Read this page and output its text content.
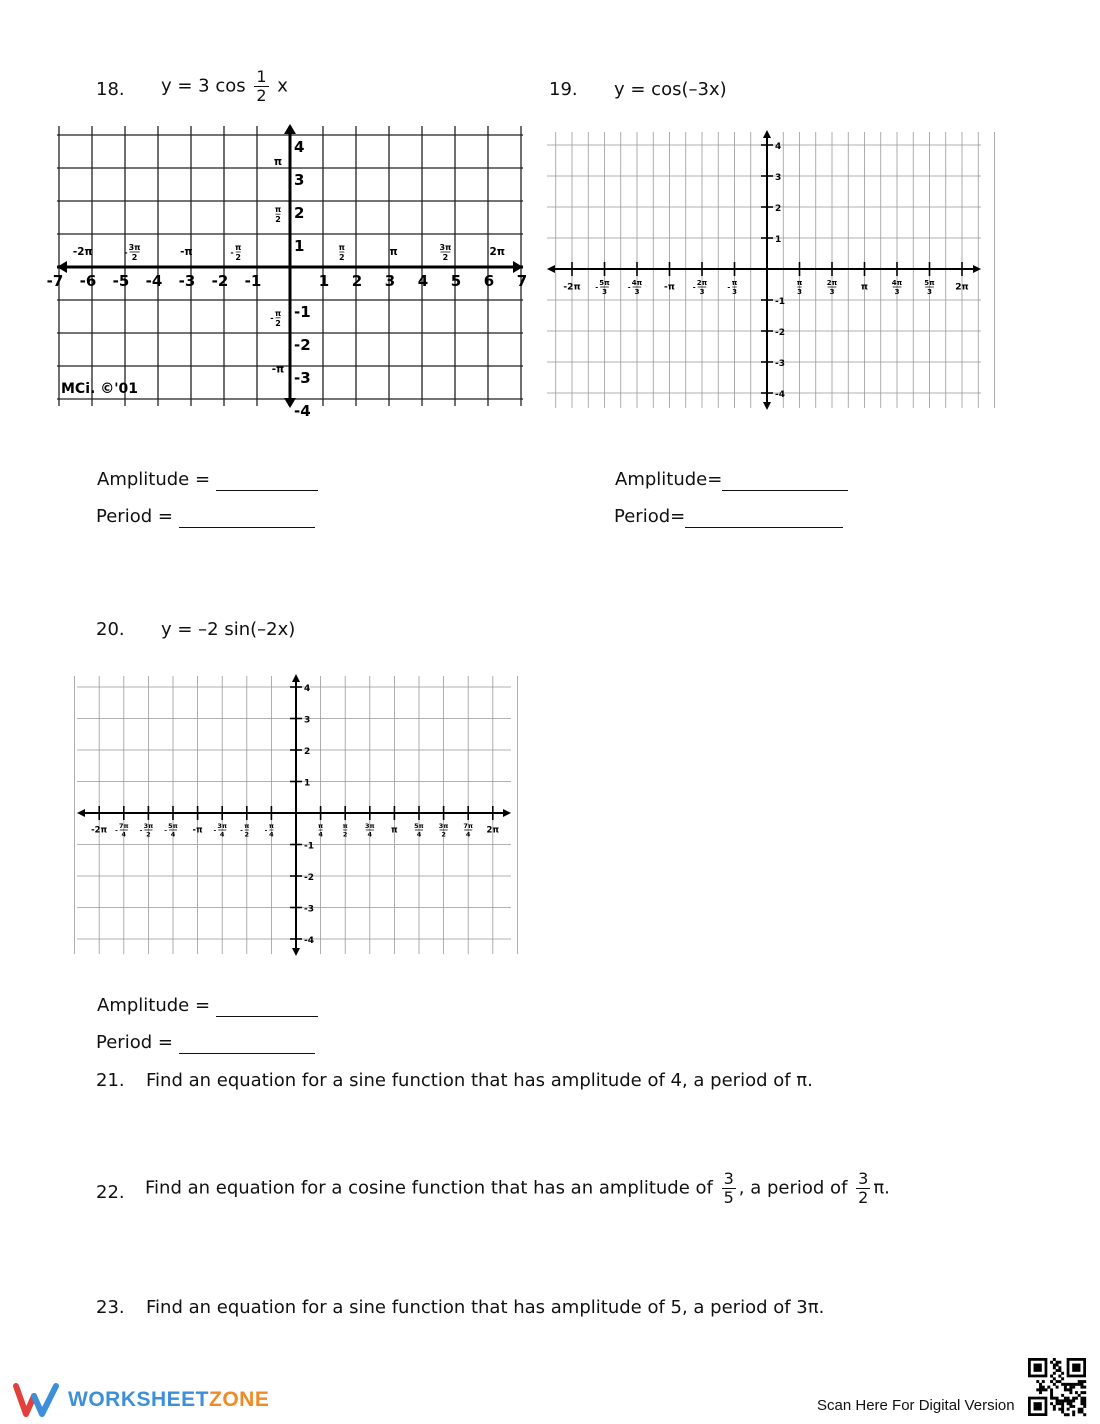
18. y = 3 $\cos \frac{1}{2}$ x	19. y = cos(–3x)
-7 -6 -5 -4 -3 -2 -1	1 2 3 4 5 6 7
4
3
2
1
-1
-2
-3
-4
-2π	3π
2
-	-π	π
2
-
π
2	π	3π
2	2π
π
π
2
π
2
-
-π
MCi. ©'01
-2π	5π
3
-
4π
3
-	-π	2π
3
-
π
3
-
π
3
2π
3	π	4π
3
5π
3	2π
4
3
2
1
-1
-2
-3
-4
Amplitude =
Period =
Amplitude=
Period=
20. y = –2 sin(–2x)
-2π 7π
4
-
3π
2
-
5π
4
-	-π 3π
4
-
π
2
-
π
4
-
π
4
π
2
3π
4
π	5π
4
3π
2
7π
4
2π
4
3
2
1
-1
-2
-3
-4
Amplitude =
Period =
21. Find an equation for a sine function that has amplitude of 4, a period of π.
22. Find an equation for a cosine function that has an amplitude of $\frac{3}{5}$ , a period of $\frac{3}{2} \pi$.
23. Find an equation for a sine function that has amplitude of 5, a period of 3π.
WORKSHEETZONE	Scan Here For Digital Version
